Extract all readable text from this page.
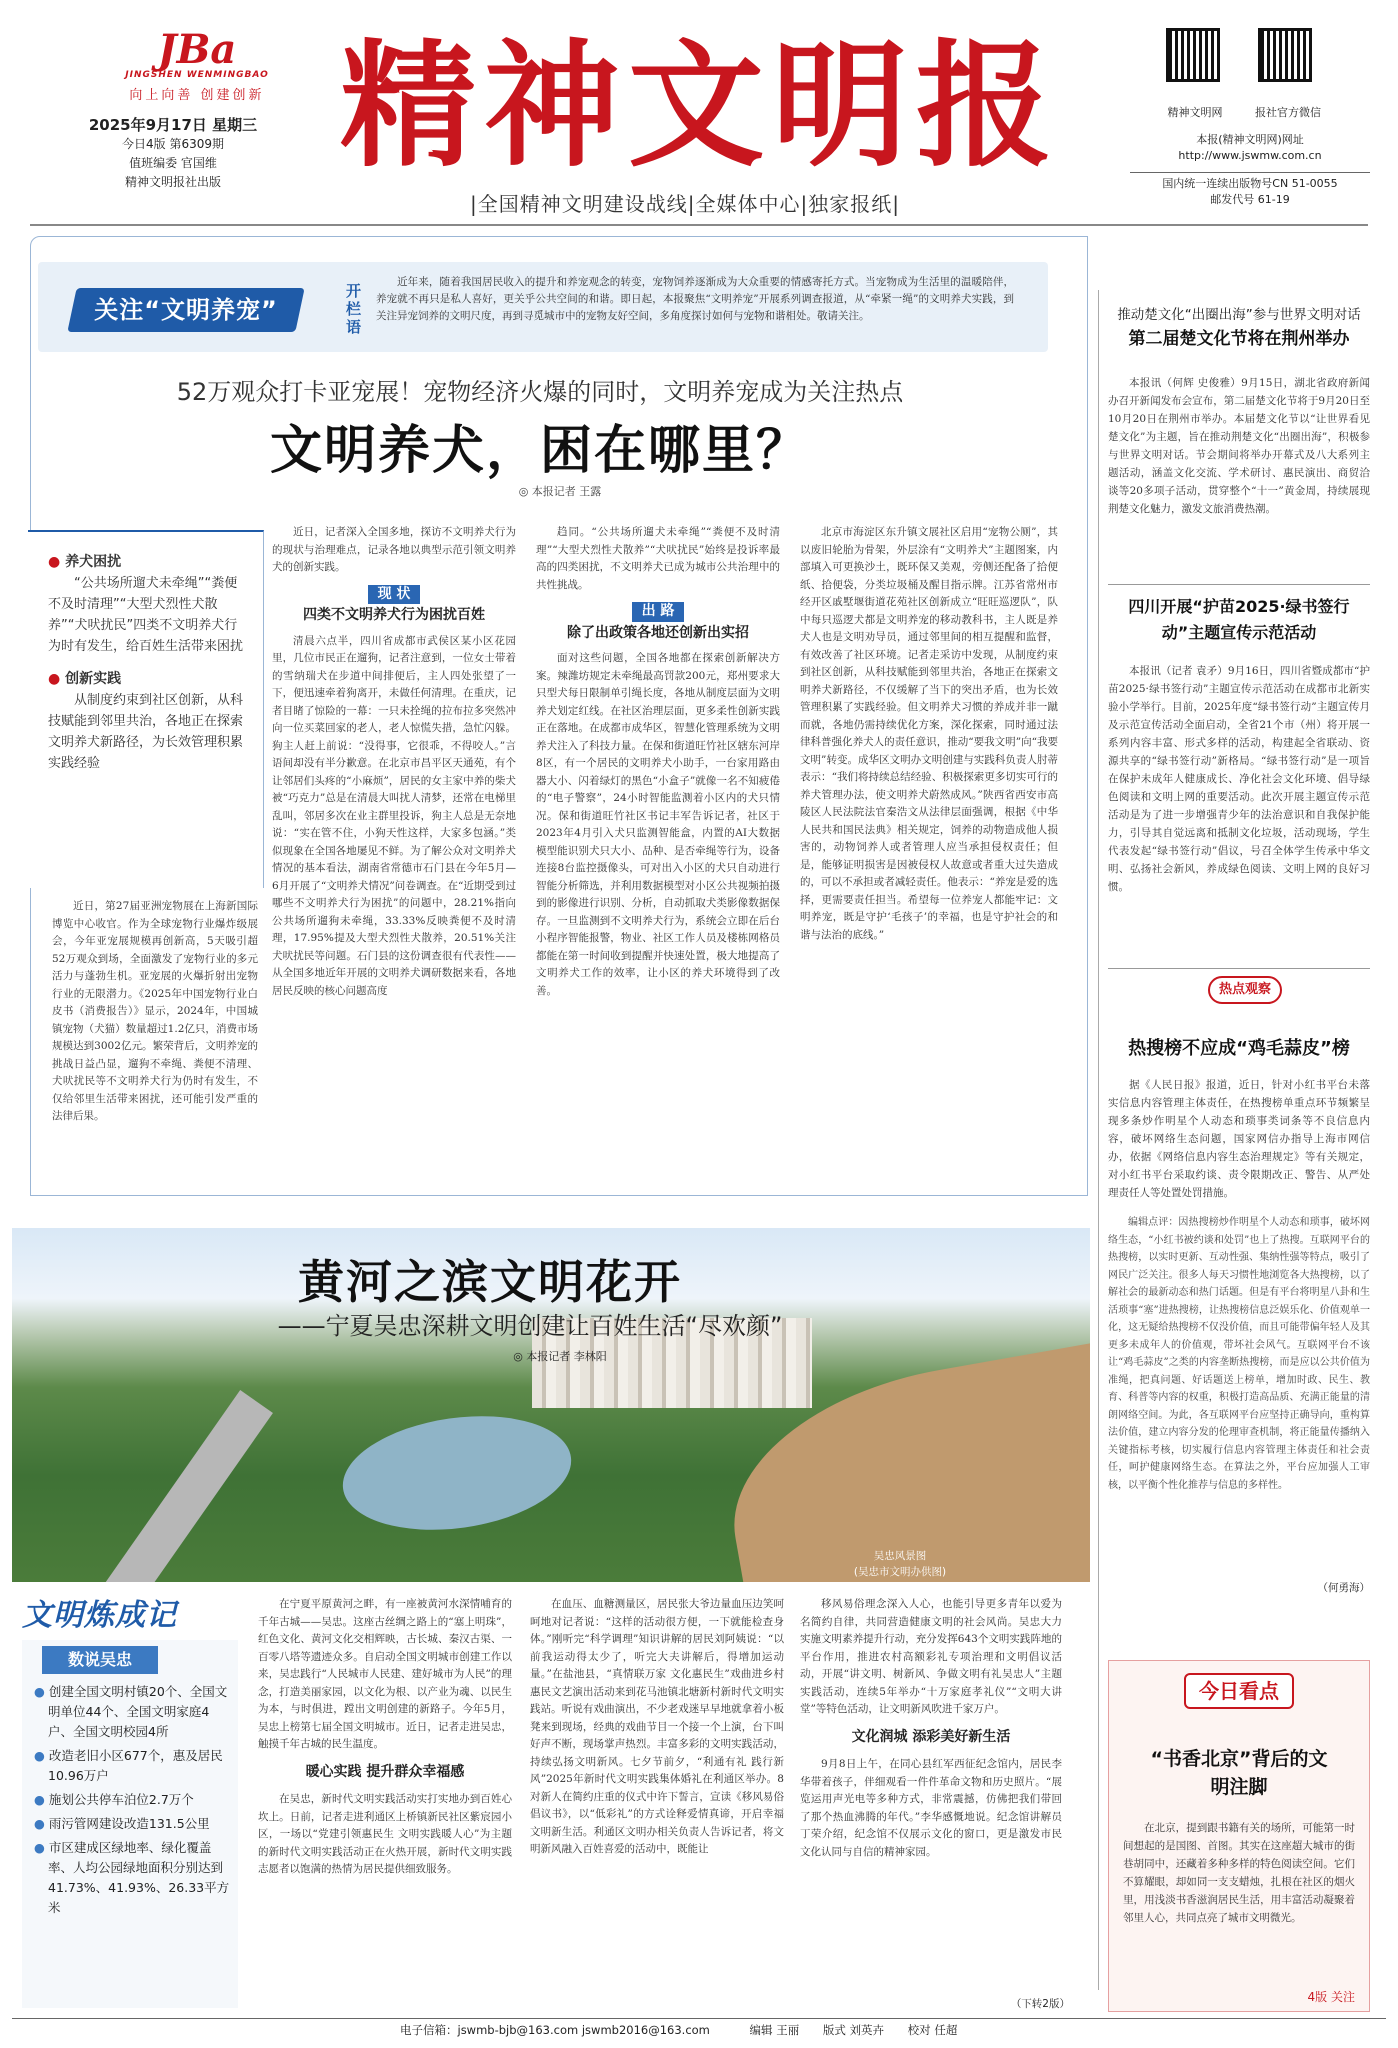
JBa
JINGSHEN WENMINGBAO
向上向善 创建创新
2025年9月17日 星期三
今日4版 第6309期
值班编委 官国维
精神文明报社出版 精神文明报
|全国精神文明建设战线|全媒体中心|独家报纸|
精神文明网	报社官方微信
本报(精神文明网)网址
http://www.jswmw.com.cn
国内统一连续出版物号CN 51-0055
邮发代号 61-19
关注“文明养宠”
开栏语
近年来，随着我国居民收入的提升和养宠观念的转变，宠物饲养逐渐成为大众重要的情感寄托方式。当宠物成为生活里的温暖陪伴，养宠就不再只是私人喜好，更关乎公共空间的和谐。即日起，本报聚焦“文明养宠”开展系列调查报道，从“牵紧一绳”的文明养犬实践，到关注异宠饲养的文明尺度，再到寻觅城市中的宠物友好空间，多角度探讨如何与宠物和谐相处。敬请关注。
52万观众打卡亚宠展！宠物经济火爆的同时，文明养宠成为关注热点
文明养犬，困在哪里？
◎ 本报记者 王露
● 养犬困扰
“公共场所遛犬未牵绳”“粪便不及时清理”“大型犬烈性犬散养”“犬吠扰民”四类不文明养犬行为时有发生，给百姓生活带来困扰
● 创新实践
从制度约束到社区创新，从科技赋能到邻里共治，各地正在探索文明养犬新路径，为长效管理积累实践经验

近日，第27届亚洲宠物展在上海新国际博览中心收官。作为全球宠物行业爆炸级展会，今年亚宠展规模再创新高，5天吸引超52万观众到场，全面激发了宠物行业的多元活力与蓬勃生机。亚宠展的火爆折射出宠物行业的无限潜力。《2025年中国宠物行业白皮书（消费报告）》显示，2024年，中国城镇宠物（犬猫）数量超过1.2亿只，消费市场规模达到3002亿元。繁荣背后，文明养宠的挑战日益凸显，遛狗不牵绳、粪便不清理、犬吠扰民等不文明养犬行为仍时有发生，不仅给邻里生活带来困扰，还可能引发严重的法律后果。

近日，记者深入全国多地，探访不文明养犬行为的现状与治理难点，记录各地以典型示范引领文明养犬的创新实践。

现 状
四类不文明养犬行为困扰百姓

清晨六点半，四川省成都市武侯区某小区花园里，几位市民正在遛狗，记者注意到，一位女士带着的雪纳瑞犬在步道中间排便后，主人四处张望了一下，便迅速牵着狗离开，未做任何清理。在重庆，记者目睹了惊险的一幕：一只未拴绳的拉布拉多突然冲向一位买菜回家的老人，老人惊慌失措，急忙闪躲。狗主人赶上前说：“没得事，它很乖，不得咬人。”言语间却没有半分歉意。在北京市昌平区天通苑，有个让邻居们头疼的“小麻烦”，居民的女主家中养的柴犬被“巧克力”总是在清晨大叫扰人清梦，还常在电梯里乱叫，邻居多次在业主群里投诉，狗主人总是无奈地说：“实在管不住，小狗天性这样，大家多包涵。”类似现象在全国各地屡见不鲜。为了解公众对文明养犬情况的基本看法，湖南省常德市石门县在今年5月—6月开展了“文明养犬情况”问卷调查。在“近期受到过哪些不文明养犬行为困扰”的问题中，28.21%指向公共场所遛狗未牵绳，33.33%反映粪便不及时清理，17.95%提及大型犬烈性犬散养，20.51%关注犬吠扰民等问题。石门县的这份调查很有代表性——从全国多地近年开展的文明养犬调研数据来看，各地居民反映的核心问题高度

趋同。“公共场所遛犬未牵绳”“粪便不及时清理”“大型犬烈性犬散养”“犬吠扰民”始终是投诉率最高的四类困扰，不文明养犬已成为城市公共治理中的共性挑战。

出 路
除了出政策各地还创新出实招

面对这些问题，全国各地都在探索创新解决方案。辣潍坊规定未牵绳最高罚款200元，郑州要求大只型犬每日限制单引绳长度，各地从制度层面为文明养犬划定红线。在社区治理层面，更多柔性创新实践正在落地。在成都市成华区，智慧化管理系统为文明养犬注入了科技力量。在保和街道旺竹社区辖东河岸8区，有一个居民的文明养犬小助手，一台家用路由器大小、闪着绿灯的黑色“小盒子”就像一名不知疲倦的“电子警察”，24小时智能监测着小区内的犬只情况。保和街道旺竹社区书记丰军告诉记者，社区于2023年4月引入犬只监测智能盒，内置的AI大数据模型能识别犬只大小、品种、是否牵绳等行为，设备连接8台监控摄像头，可对出入小区的犬只自动进行智能分析筛选，并利用数据模型对小区公共视频拍摄到的影像进行识别、分析，自动抓取犬类影像数据保存。一旦监测到不文明养犬行为，系统会立即在后台小程序智能报警，物业、社区工作人员及楼栋网格员都能在第一时间收到提醒并快速处置，极大地提高了文明养犬工作的效率，让小区的养犬环境得到了改善。

北京市海淀区东升镇文展社区启用“宠物公厕”，其以废旧轮胎为骨架，外层涂有“文明养犬”主题图案，内部填入可更换沙土，既环保又美观，旁侧还配备了拾便纸、拾便袋，分类垃圾桶及醒目指示牌。江苏省常州市经开区戚墅堰街道花苑社区创新成立“旺旺巡逻队”，队中每只巡逻犬都是文明养宠的移动教科书，主人既是养犬人也是文明劝导员，通过邻里间的相互提醒和监督，有效改善了社区环境。记者走采访中发现，从制度约束到社区创新，从科技赋能到邻里共治，各地正在探索文明养犬新路径，不仅缓解了当下的突出矛盾，也为长效管理积累了实践经验。但文明养犬习惯的养成并非一蹴而就，各地仍需持续优化方案，深化探索，同时通过法律科普强化养犬人的责任意识，推动“要我文明”向“我要文明”转变。成华区文明办文明创建与实践科负责人肘蒂表示：“我们将持续总结经验、积极探索更多切实可行的养犬管理办法，使文明养犬蔚然成风。”陕西省西安市高陵区人民法院法官秦浩文从法律层面强调，根据《中华人民共和国民法典》相关规定，饲养的动物造成他人损害的，动物饲养人或者管理人应当承担侵权责任；但是，能够证明损害是因被侵权人故意或者重大过失造成的，可以不承担或者减轻责任。他表示：“养宠是爱的选择，更需要责任担当。希望每一位养宠人都能牢记：文明养宠，既是守护‘毛孩子’的幸福，也是守护社会的和谐与法治的底线。”

推动楚文化“出圈出海”参与世界文明对话
第二届楚文化节将在荆州举办

本报讯（何辉 史俊雅）9月15日，湖北省政府新闻办召开新闻发布会宣布，第二届楚文化节将于9月20日至10月20日在荆州市举办。本届楚文化节以“让世界看见楚文化”为主题，旨在推动荆楚文化“出圈出海”，积极参与世界文明对话。节会期间将举办开幕式及八大系列主题活动，涵盖文化交流、学术研讨、惠民演出、商贸洽谈等20多项子活动，贯穿整个“十一”黄金周，持续展现荆楚文化魅力，激发文旅消费热潮。

四川开展“护苗2025·绿书签行动”主题宣传示范活动

本报讯（记者 袁矛）9月16日，四川省暨成都市“护苗2025·绿书签行动”主题宣传示范活动在成都市北新实验小学举行。目前，2025年度“绿书签行动”主题宣传月及示范宣传活动全面启动，全省21个市（州）将开展一系列内容丰富、形式多样的活动，构建起全省联动、资源共享的“绿书签行动”新格局。“绿书签行动”是一项旨在保护未成年人健康成长、净化社会文化环境、倡导绿色阅读和文明上网的重要活动。此次开展主题宣传示范活动是为了进一步增强青少年的法治意识和自我保护能力，引导其自觉远离和抵制文化垃圾，活动现场，学生代表发起“绿书签行动”倡议，号召全体学生传承中华文明、弘扬社会新风，养成绿色阅读、文明上网的良好习惯。

热点观察
热搜榜不应成“鸡毛蒜皮”榜

据《人民日报》报道，近日，针对小红书平台未落实信息内容管理主体责任，在热搜榜单重点环节频繁呈现多条炒作明星个人动态和琐事类词条等不良信息内容，破坏网络生态问题，国家网信办指导上海市网信办，依据《网络信息内容生态治理规定》等有关规定，对小红书平台采取约谈、责令限期改正、警告、从严处理责任人等处置处罚措施。

编辑点评：因热搜榜炒作明星个人动态和琐事，破坏网络生态，“小红书被约谈和处罚”也上了热搜。互联网平台的热搜榜，以实时更新、互动性强、集纳性强等特点，吸引了网民广泛关注。很多人每天习惯性地浏览各大热搜榜，以了解社会的最新动态和热门话题。但是有平台将明星八卦和生活琐事“塞”进热搜榜，让热搜榜信息泛娱乐化、价值观单一化，这无疑给热搜榜不仅没价值，而且可能带偏年轻人及其更多未成年人的价值观，带坏社会风气。互联网平台不该让“鸡毛蒜皮”之类的内容垄断热搜榜，而是应以公共价值为准绳，把真问题、好话题送上榜单，增加时政、民生、教育、科普等内容的权重，积极打造高品质、充满正能量的清朗网络空间。为此，各互联网平台应坚持正确导向，重构算法价值，建立内容分发的伦理审查机制，将正能量传播纳入关键指标考核，切实履行信息内容管理主体责任和社会责任，呵护健康网络生态。在算法之外，平台应加强人工审核，以平衡个性化推荐与信息的多样性。

（何勇海）
今日看点
“书香北京”背后的文明注脚

在北京，提到跟书籍有关的场所，可能第一时间想起的是国图、首图。其实在这座超大城市的街巷胡同中，还藏着多种多样的特色阅读空间。它们不算耀眼，却如同一支支蜡烛，扎根在社区的烟火里，用浅淡书香滋润居民生活，用丰富活动凝聚着邻里人心，共同点亮了城市文明微光。

4版 关注
黄河之滨文明花开
——宁夏吴忠深耕文明创建让百姓生活“尽欢颜”
◎ 本报记者 李林阳
吴忠风景图
(吴忠市文明办供图)
文明炼成记
数说吴忠
● 创建全国文明村镇20个、全国文明单位44个、全国文明家庭4户、全国文明校园4所
● 改造老旧小区677个，惠及居民10.96万户
● 施划公共停车泊位2.7万个
● 雨污管网建设改造131.5公里
● 市区建成区绿地率、绿化覆盖率、人均公园绿地面积分别达到41.73%、41.93%、26.33平方米

在宁夏平原黄河之畔，有一座被黄河水深情哺育的千年古城——吴忠。这座古丝绸之路上的“塞上明珠”，红色文化、黄河文化交相辉映，古长城、秦汉古渠、一百零八塔等遗迹众多。自启动全国文明城市创建工作以来，吴忠践行“人民城市人民建、建好城市为人民”的理念，打造美丽家园，以文化为根、以产业为魂、以民生为本，与时俱进，蹚出文明创建的新路子。今年5月，吴忠上榜第七届全国文明城市。近日，记者走进吴忠，触摸千年古城的民生温度。

暖心实践 提升群众幸福感

在吴忠，新时代文明实践活动实打实地办到百姓心坎上。日前，记者走进利通区上桥镇新民社区紫宸园小区，一场以“党建引领惠民生 文明实践暖人心”为主题的新时代文明实践活动正在火热开展，新时代文明实践志愿者以饱满的热情为居民提供细致服务。

在血压、血糖测量区，居民张大爷边量血压边笑呵呵地对记者说：“这样的活动很方便，一下就能检查身体。”刚听完“科学调理”知识讲解的居民刘阿姨说：“以前我运动得太少了，听完大夫讲解后，得增加运动量。”在盐池县，“真情联万家 文化惠民生”戏曲进乡村惠民文艺演出活动来到花马池镇北塘新村新时代文明实践站。听说有戏曲演出，不少老戏迷早早地就拿着小板凳来到现场，经典的戏曲节目一个接一个上演，台下叫好声不断，现场掌声热烈。丰富多彩的文明实践活动，持续弘扬文明新风。七夕节前夕，“利通有礼 践行新风”2025年新时代文明实践集体婚礼在利通区举办。8对新人在简约庄重的仪式中许下誓言，宣读《移风易俗倡议书》，以“低彩礼”的方式诠释爱情真谛，开启幸福文明新生活。利通区文明办相关负责人告诉记者，将文明新风融入百姓喜爱的活动中，既能让

移风易俗理念深入人心，也能引导更多青年以爱为名简约自律，共同营造健康文明的社会风尚。吴忠大力实施文明素养提升行动，充分发挥643个文明实践阵地的平台作用，推进农村高额彩礼专项治理和文明倡议活动，开展“讲文明、树新风、争做文明有礼吴忠人”主题实践活动，连续5年举办“十万家庭孝礼仪”“文明大讲堂”等特色活动，让文明新风吹进千家万户。

文化润城 添彩美好新生活

9月8日上午，在同心县红军西征纪念馆内，居民李华带着孩子，伴细观看一件件革命文物和历史照片。“展览运用声光电等多种方式，非常震撼，仿佛把我们带回了那个热血沸腾的年代。”李华感慨地说。纪念馆讲解员丁荣介绍，纪念馆不仅展示文化的窗口，更是激发市民文化认同与自信的精神家园。

（下转2版）
电子信箱：jswmb-bjb@163.com jswmb2016@163.com	编辑 王丽 版式 刘英卉 校对 任超
